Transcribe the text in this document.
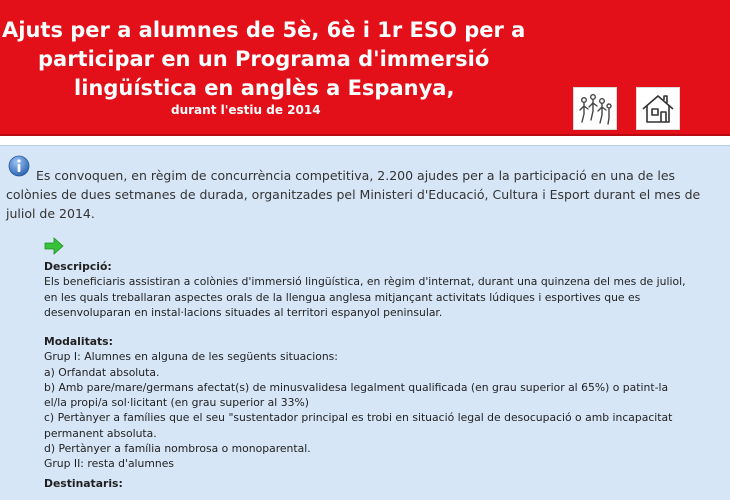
Ajuts per a alumnes de 5è, 6è i 1r ESO per a
participar en un Programa d'immersió
lingüística en anglès a Espanya,
durant l'estiu de 2014
Es convoquen, en règim de concurrència competitiva, 2.200 ajudes per a la participació en una de les
colònies de dues setmanes de durada, organitzades pel Ministeri d'Educació, Cultura i Esport durant el mes de
juliol de 2014.
Descripció:
Els beneficiaris assistiran a colònies d'immersió lingüística, en règim d'internat, durant una quinzena del mes de juliol,
en les quals treballaran aspectes orals de la llengua anglesa mitjançant activitats lúdiques i esportives que es
desenvoluparan en instal·lacions situades al territori espanyol peninsular.
Modalitats:
Grup I: Alumnes en alguna de les següents situacions:
a) Orfandat absoluta.
b) Amb pare/mare/germans afectat(s) de minusvalidesa legalment qualificada (en grau superior al 65%) o patint-la
el/la propi/a sol·licitant (en grau superior al 33%)
c) Pertànyer a famílies que el seu "sustentador principal es trobi en situació legal de desocupació o amb incapacitat
permanent absoluta.
d) Pertànyer a família nombrosa o monoparental.
Grup II: resta d'alumnes
Destinataris:
